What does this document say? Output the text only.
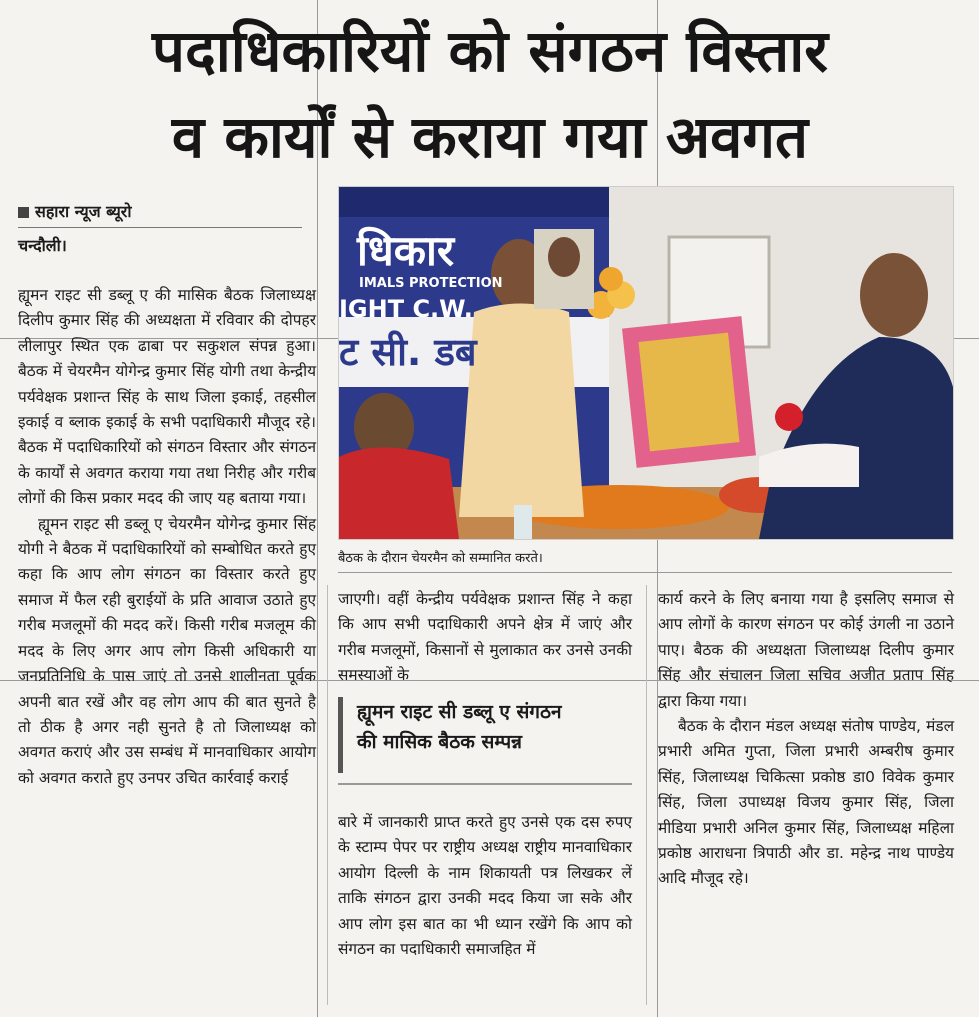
पदाधिकारियों को संगठन विस्तार
व कार्यों से कराया गया अवगत
सहारा न्यूज ब्यूरो
चन्दौली।

ह्यूमन राइट सी डब्लू ए की मासिक बैठक जिलाध्यक्ष दिलीप कुमार सिंह की अध्यक्षता में रविवार की दोपहर लीलापुर स्थित एक ढाबा पर सकुशल संपन्न हुआ। बैठक में चेयरमैन योगेन्द्र कुमार सिंह योगी तथा केन्द्रीय पर्यवेक्षक प्रशान्त सिंह के साथ जिला इकाई, तहसील इकाई व ब्लाक इकाई के सभी पदाधिकारी मौजूद रहे। बैठक में पदाधिकारियों को संगठन विस्तार और संगठन के कार्यों से अवगत कराया गया तथा निरीह और गरीब लोगों की किस प्रकार मदद की जाए यह बताया गया।

ह्यूमन राइट सी डब्लू ए चेयरमैन योगेन्द्र कुमार सिंह योगी ने बैठक में पदाधिकारियों को सम्बोधित करते हुए कहा कि आप लोग संगठन का विस्तार करते हुए समाज में फैल रही बुराईयों के प्रति आवाज उठाते हुए गरीब मजलूमों की मदद करें। किसी गरीब मजलूम की मदद के लिए अगर आप लोग किसी अधिकारी या जनप्रतिनिधि के पास जाएं तो उनसे शालीनता पूर्वक अपनी बात रखें और वह लोग आप की बात सुनते है तो ठीक है अगर नही सुनते है तो जिलाध्यक्ष को अवगत कराएं और उस सम्बंध में मानवाधिकार आयोग को अवगत कराते हुए उनपर उचित कार्रवाई कराई

धिकार
IMALS PROTECTION
IGHT C.W.
ट सी. डब
बैठक के दौरान चेयरमैन को सम्मानित करते।

जाएगी। वहीं केन्द्रीय पर्यवेक्षक प्रशान्त सिंह ने कहा कि आप सभी पदाधिकारी अपने क्षेत्र में जाएं और गरीब मजलूमों, किसानों से मुलाकात कर उनसे उनकी समस्याओं के

ह्यूमन राइट सी डब्लू ए संगठन
की मासिक बैठक सम्पन्न

बारे में जानकारी प्राप्त करते हुए उनसे एक दस रुपए के स्टाम्प पेपर पर राष्ट्रीय अध्यक्ष राष्ट्रीय मानवाधिकार आयोग दिल्ली के नाम शिकायती पत्र लिखकर लें ताकि संगठन द्वारा उनकी मदद किया जा सके और आप लोग इस बात का भी ध्यान रखेंगे कि आप को संगठन का पदाधिकारी समाजहित में

कार्य करने के लिए बनाया गया है इसलिए समाज से आप लोगों के कारण संगठन पर कोई उंगली ना उठाने पाए। बैठक की अध्यक्षता जिलाध्यक्ष दिलीप कुमार सिंह और संचालन जिला सचिव अजीत प्रताप सिंह द्वारा किया गया।

बैठक के दौरान मंडल अध्यक्ष संतोष पाण्डेय, मंडल प्रभारी अमित गुप्ता, जिला प्रभारी अम्बरीष कुमार सिंह, जिलाध्यक्ष चिकित्सा प्रकोष्ठ डा0 विवेक कुमार सिंह, जिला उपाध्यक्ष विजय कुमार सिंह, जिला मीडिया प्रभारी अनिल कुमार सिंह, जिलाध्यक्ष महिला प्रकोष्ठ आराधना त्रिपाठी और डा. महेन्द्र नाथ पाण्डेय आदि मौजूद रहे।
